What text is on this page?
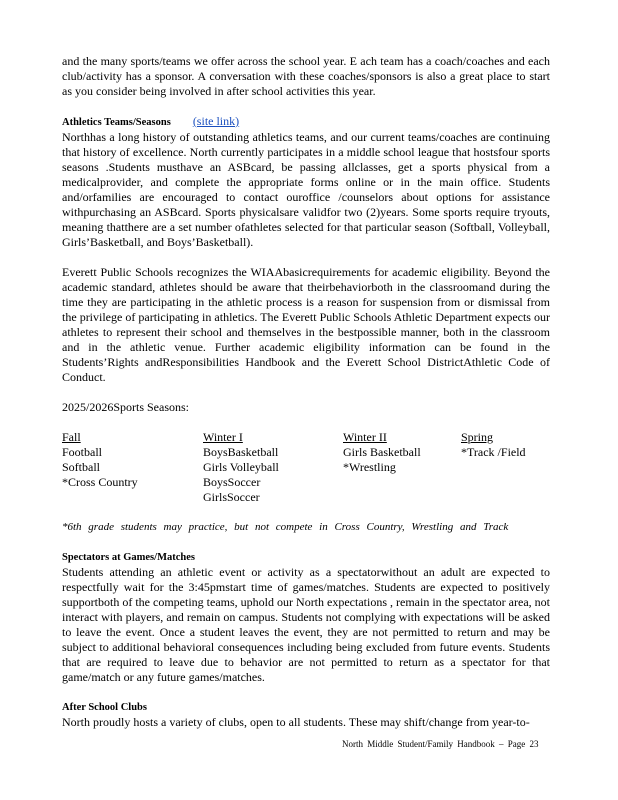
and the many sports/teams we offer across the school year. E ach team has a coach/coaches and each club/activity has a sponsor. A conversation with these coaches/sponsors is also a great place to start as you consider being involved in after school activities this year.

Athletics Teams/Seasons (site link)

Northhas a long history of outstanding athletics teams, and our current teams/coaches are continuing that history of excellence. North currently participates in a middle school league that hostsfour sports seasons .Students musthave an ASBcard, be passing allclasses, get a sports physical from a medicalprovider, and complete the appropriate forms online or in the main office. Students and/orfamilies are encouraged to contact ouroffice /counselors about options for assistance withpurchasing an ASBcard. Sports physicalsare validfor two (2)years. Some sports require tryouts, meaning thatthere are a set number ofathletes selected for that particular season (Softball, Volleyball, Girls’Basketball, and Boys’Basketball).

Everett Public Schools recognizes the WIAAbasicrequirements for academic eligibility. Beyond the academic standard, athletes should be aware that theirbehaviorboth in the classroomand during the time they are participating in the athletic process is a reason for suspension from or dismissal from the privilege of participating in athletics. The Everett Public Schools Athletic Department expects our athletes to represent their school and themselves in the bestpossible manner, both in the classroom and in the athletic venue. Further academic eligibility information can be found in the Students’Rights andResponsibilities Handbook and the Everett School DistrictAthletic Code of Conduct.

2025/2026Sports Seasons:
Fall
Football
Softball
*Cross Country
Winter I
BoysBasketball
Girls Volleyball
BoysSoccer
GirlsSoccer
Winter II
Girls Basketball
*Wrestling
Spring
*Track /Field
*6th grade students may practice, but not compete in Cross Country, Wrestling and Track
Spectators at Games/Matches

Students attending an athletic event or activity as a spectatorwithout an adult are expected to respectfully wait for the 3:45pmstart time of games/matches. Students are expected to positively supportboth of the competing teams, uphold our North expectations , remain in the spectator area, not interact with players, and remain on campus. Students not complying with expectations will be asked to leave the event. Once a student leaves the event, they are not permitted to return and may be subject to additional behavioral consequences including being excluded from future events. Students that are required to leave due to behavior are not permitted to return as a spectator for that game/match or any future games/matches.

After School Clubs

North proudly hosts a variety of clubs, open to all students. These may shift/change from year-to-

North Middle Student/Family Handbook – Page 23
